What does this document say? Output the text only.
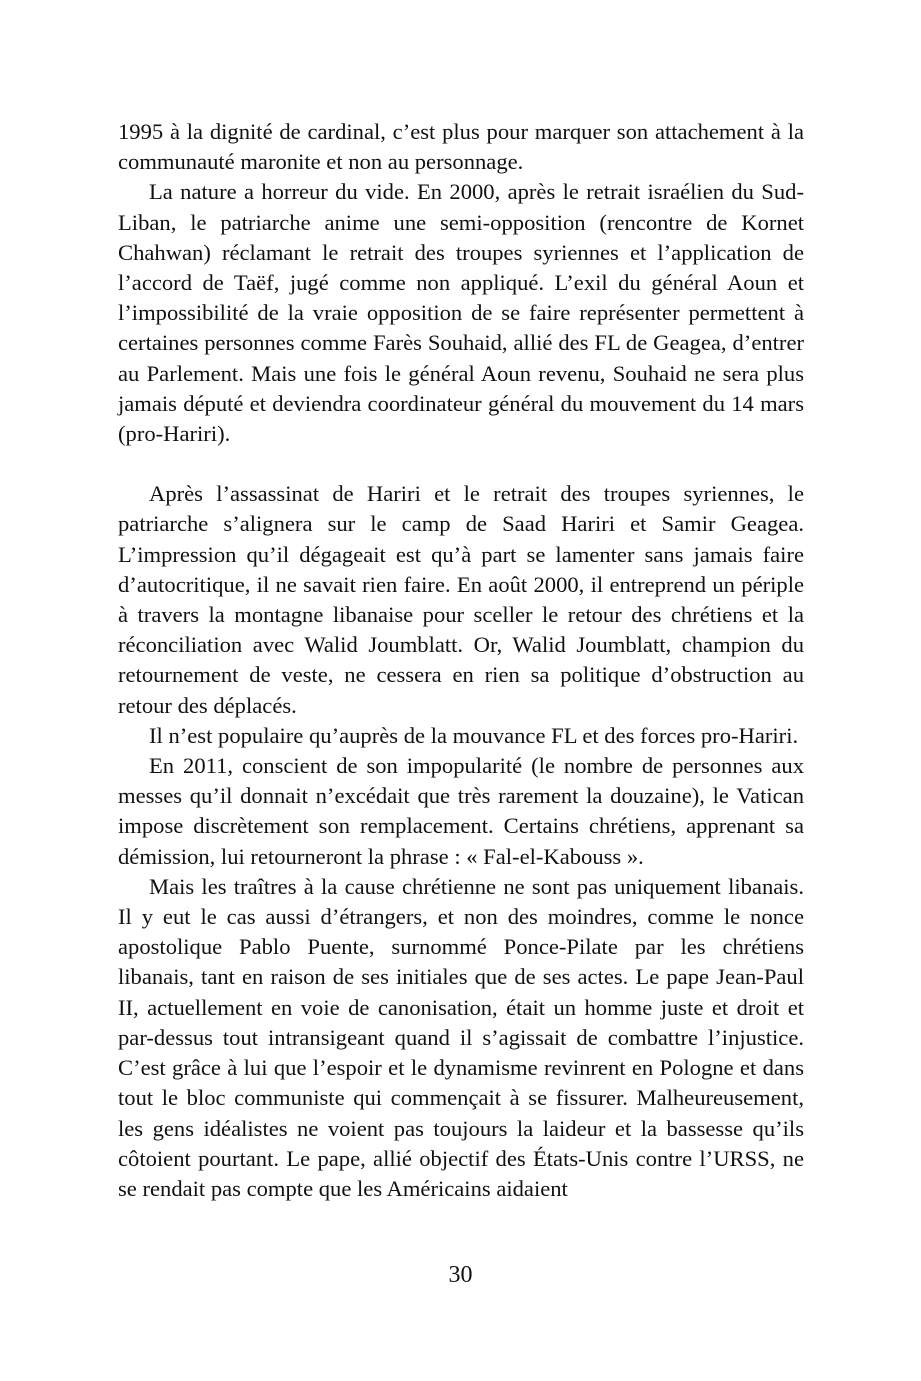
1995 à la dignité de cardinal, c’est plus pour marquer son attachement à la communauté maronite et non au personnage.

La nature a horreur du vide. En 2000, après le retrait israélien du Sud-Liban, le patriarche anime une semi-opposition (rencontre de Kornet Chahwan) réclamant le retrait des troupes syriennes et l’application de l’accord de Taëf, jugé comme non appliqué. L’exil du général Aoun et l’impossibilité de la vraie opposition de se faire représenter permettent à certaines personnes comme Farès Souhaid, allié des FL de Geagea, d’entrer au Parlement. Mais une fois le général Aoun revenu, Souhaid ne sera plus jamais député et deviendra coordinateur général du mouvement du 14 mars (pro-Hariri).

Après l’assassinat de Hariri et le retrait des troupes syriennes, le patriarche s’alignera sur le camp de Saad Hariri et Samir Geagea. L’impression qu’il dégageait est qu’à part se lamenter sans jamais faire d’autocritique, il ne savait rien faire. En août 2000, il entreprend un périple à travers la montagne libanaise pour sceller le retour des chrétiens et la réconciliation avec Walid Joumblatt. Or, Walid Joumblatt, champion du retournement de veste, ne cessera en rien sa politique d’obstruction au retour des déplacés.

Il n’est populaire qu’auprès de la mouvance FL et des forces pro-Hariri.

En 2011, conscient de son impopularité (le nombre de personnes aux messes qu’il donnait n’excédait que très rarement la douzaine), le Vatican impose discrètement son remplacement. Certains chrétiens, apprenant sa démission, lui retourneront la phrase : « Fal-el-Kabouss ».

Mais les traîtres à la cause chrétienne ne sont pas uniquement libanais. Il y eut le cas aussi d’étrangers, et non des moindres, comme le nonce apostolique Pablo Puente, surnommé Ponce-Pilate par les chrétiens libanais, tant en raison de ses initiales que de ses actes. Le pape Jean-Paul II, actuellement en voie de canonisation, était un homme juste et droit et par-dessus tout intransigeant quand il s’agissait de combattre l’injustice. C’est grâce à lui que l’espoir et le dynamisme revinrent en Pologne et dans tout le bloc communiste qui commençait à se fissurer. Malheureusement, les gens idéalistes ne voient pas toujours la laideur et la bassesse qu’ils côtoient pourtant. Le pape, allié objectif des États-Unis contre l’URSS, ne se rendait pas compte que les Américains aidaient

30
